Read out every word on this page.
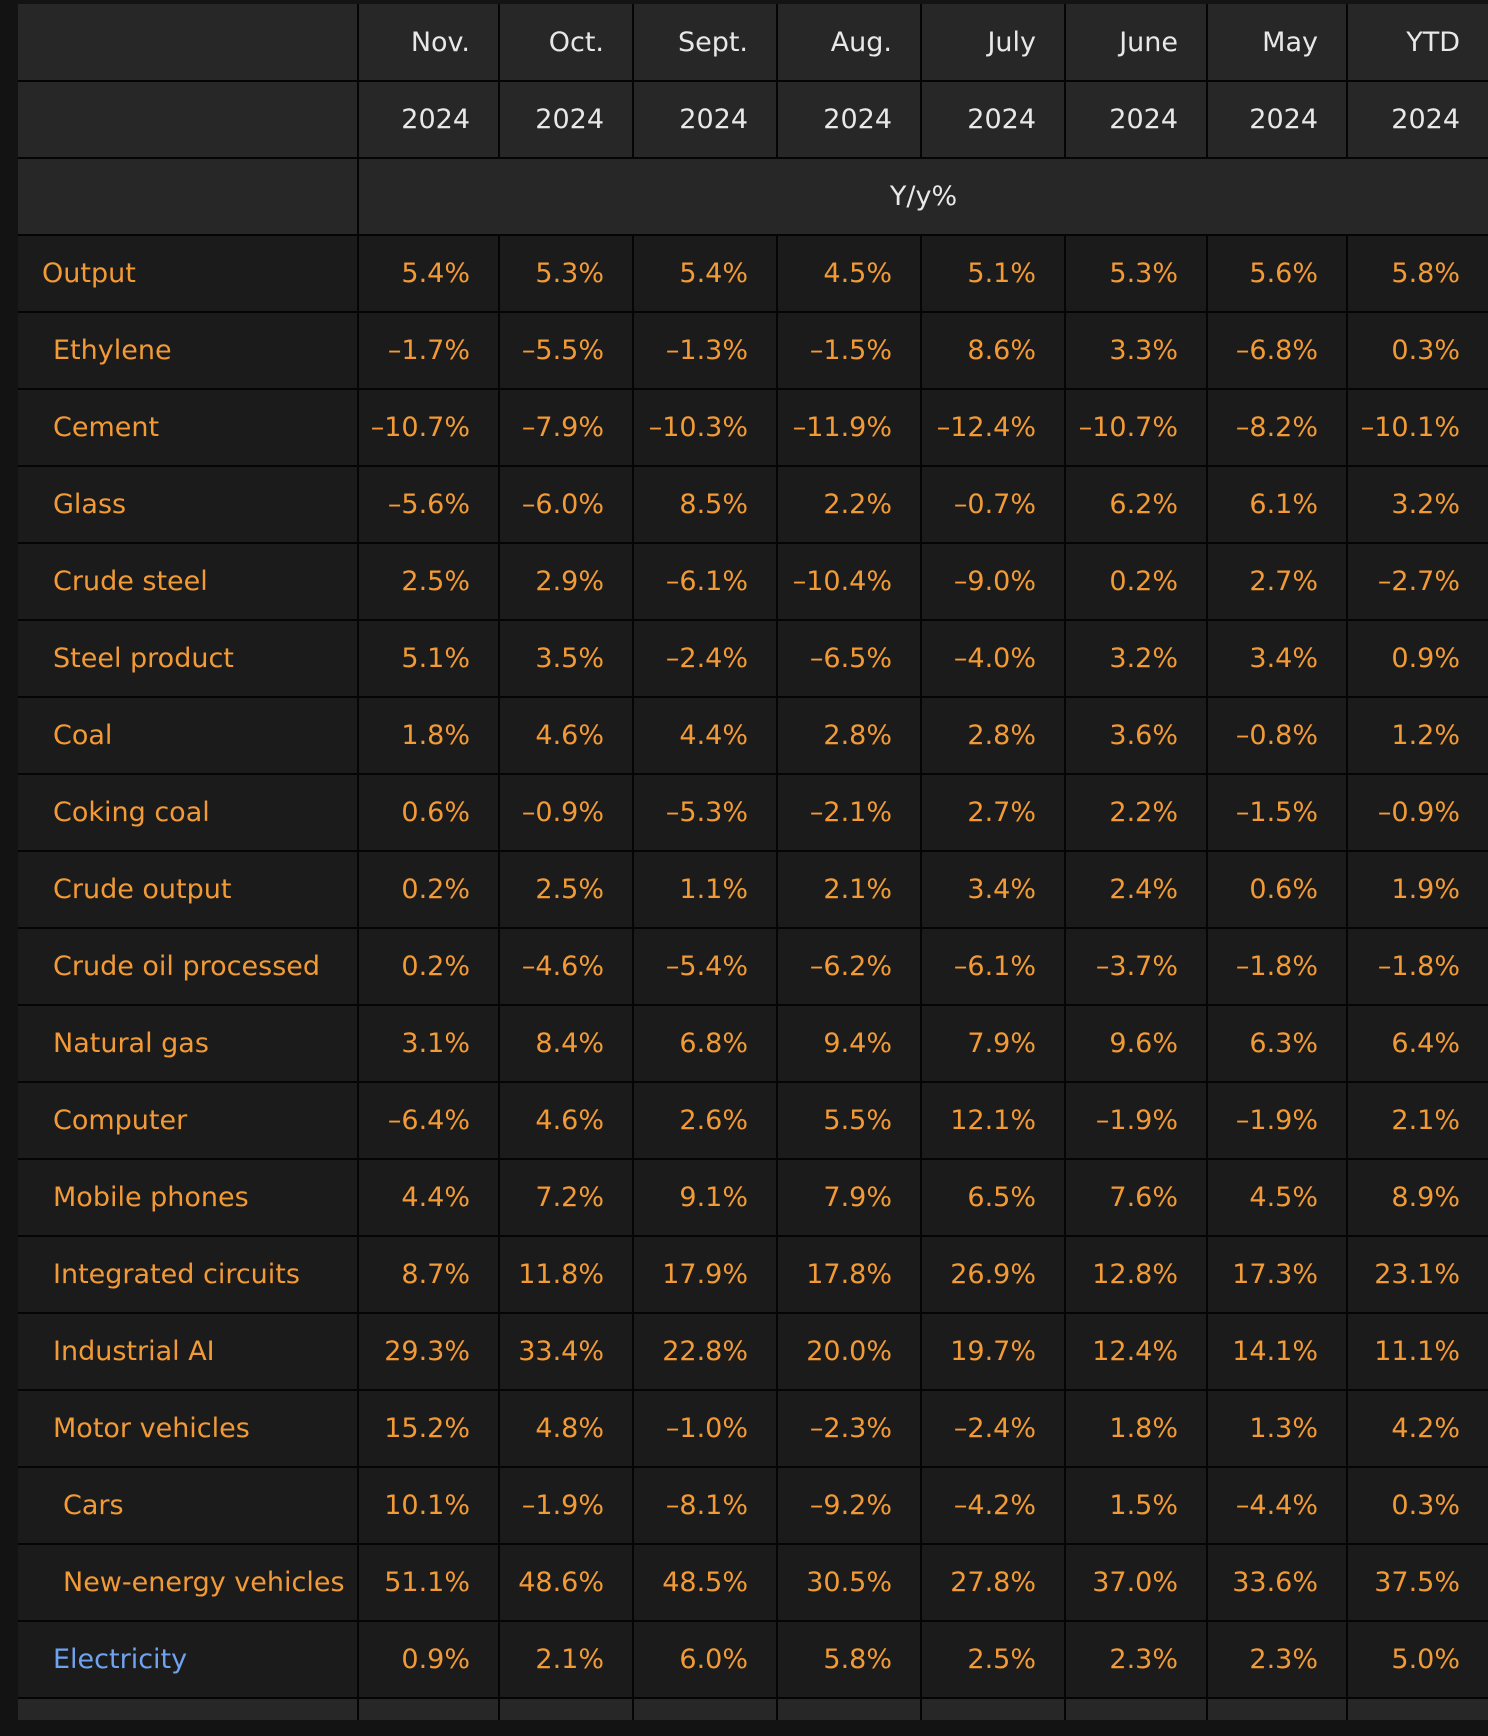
	Nov.	Oct.	Sept.	Aug.	July	June	May	YTD
	2024	2024	2024	2024	2024	2024	2024	2024
	Y/y%							
Output	5.4%	5.3%	5.4%	4.5%	5.1%	5.3%	5.6%	5.8%
Ethylene	–1.7%	–5.5%	–1.3%	–1.5%	8.6%	3.3%	–6.8%	0.3%
Cement	–10.7%	–7.9%	–10.3%	–11.9%	–12.4%	–10.7%	–8.2%	–10.1%
Glass	–5.6%	–6.0%	8.5%	2.2%	–0.7%	6.2%	6.1%	3.2%
Crude steel	2.5%	2.9%	–6.1%	–10.4%	–9.0%	0.2%	2.7%	–2.7%
Steel product	5.1%	3.5%	–2.4%	–6.5%	–4.0%	3.2%	3.4%	0.9%
Coal	1.8%	4.6%	4.4%	2.8%	2.8%	3.6%	–0.8%	1.2%
Coking coal	0.6%	–0.9%	–5.3%	–2.1%	2.7%	2.2%	–1.5%	–0.9%
Crude output	0.2%	2.5%	1.1%	2.1%	3.4%	2.4%	0.6%	1.9%
Crude oil processed	0.2%	–4.6%	–5.4%	–6.2%	–6.1%	–3.7%	–1.8%	–1.8%
Natural gas	3.1%	8.4%	6.8%	9.4%	7.9%	9.6%	6.3%	6.4%
Computer	–6.4%	4.6%	2.6%	5.5%	12.1%	–1.9%	–1.9%	2.1%
Mobile phones	4.4%	7.2%	9.1%	7.9%	6.5%	7.6%	4.5%	8.9%
Integrated circuits	8.7%	11.8%	17.9%	17.8%	26.9%	12.8%	17.3%	23.1%
Industrial AI	29.3%	33.4%	22.8%	20.0%	19.7%	12.4%	14.1%	11.1%
Motor vehicles	15.2%	4.8%	–1.0%	–2.3%	–2.4%	1.8%	1.3%	4.2%
Cars	10.1%	–1.9%	–8.1%	–9.2%	–4.2%	1.5%	–4.4%	0.3%
New-energy vehicles	51.1%	48.6%	48.5%	30.5%	27.8%	37.0%	33.6%	37.5%
Electricity	0.9%	2.1%	6.0%	5.8%	2.5%	2.3%	2.3%	5.0%
